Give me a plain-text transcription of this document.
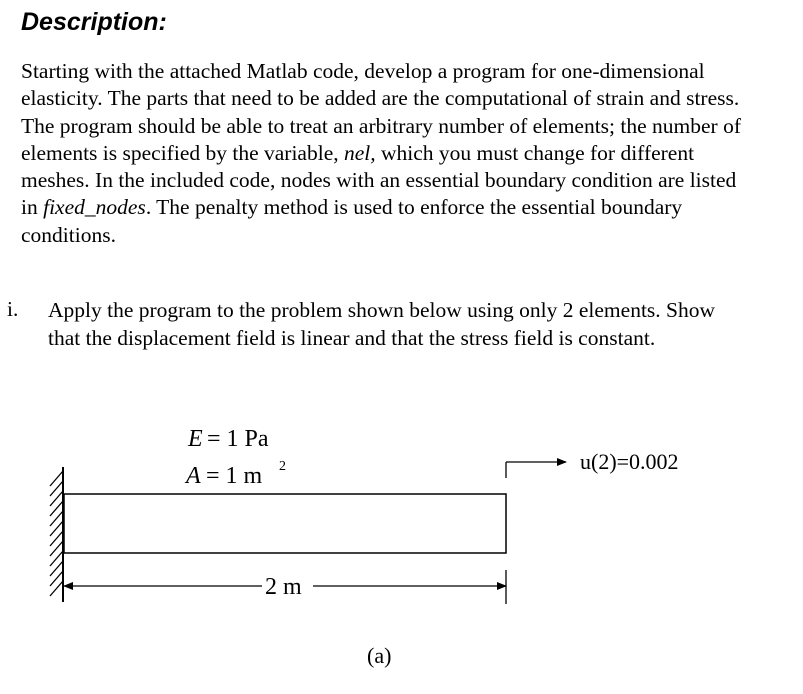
Description:

Starting with the attached Matlab code, develop a program for one-dimensional elasticity. The parts that need to be added are the computational of strain and stress. The program should be able to treat an arbitrary number of elements; the number of elements is specified by the variable, nel, which you must change for different meshes. In the included code, nodes with an essential boundary condition are listed in fixed_nodes. The penalty method is used to enforce the essential boundary conditions.

i. Apply the program to the problem shown below using only 2 elements. Show that the displacement field is linear and that the stress field is constant.

E = 1 Pa
A = 1 m 2	u(2)=0.002
2 m
(a)
